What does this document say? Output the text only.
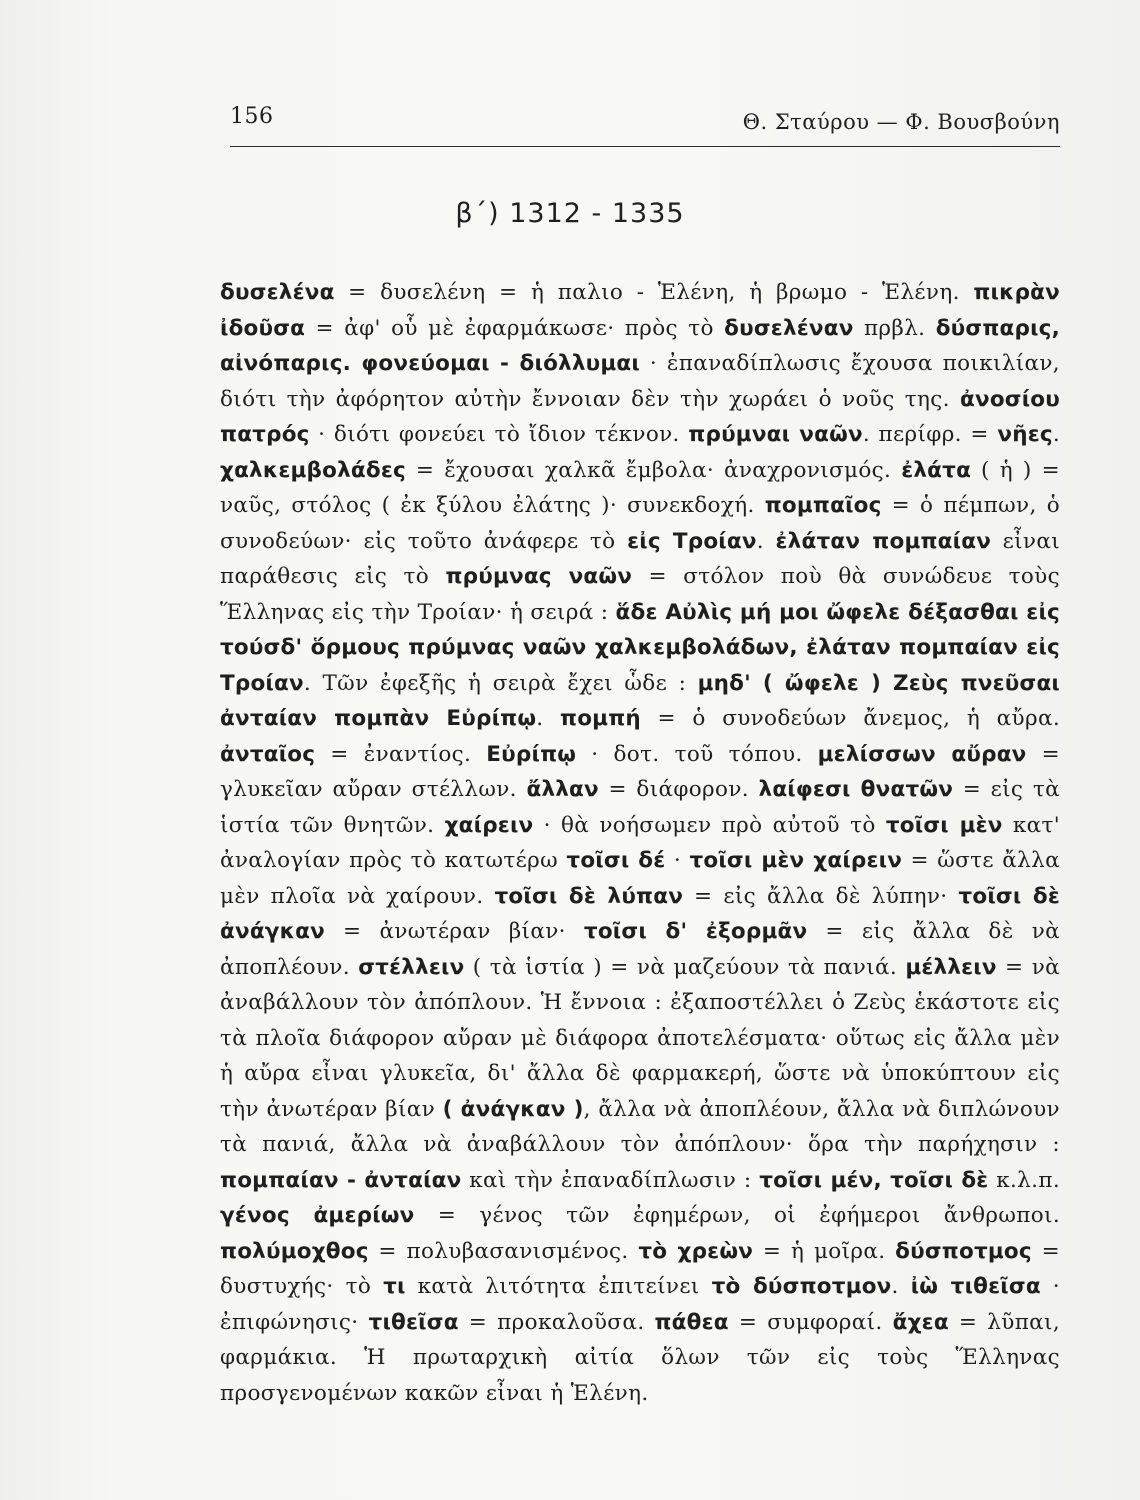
156	Θ. Σταύρου — Φ. Βουσβούνη
β΄) 1312 - 1335
δυσελένα = δυσελένη = ἡ παλιο - Ἑλένη, ἡ βρωμο - Ἑλένη. πικρὰν ἰδοῦσα = ἀφ' οὗ μὲ ἐφαρμάκωσε· πρὸς τὸ δυσελέναν πρβλ. δύσπαρις, αἰνόπαρις. φονεύομαι - διόλλυμαι · ἐπαναδίπλωσις ἔχουσα ποικιλίαν, διότι τὴν ἀφόρητον αὐτὴν ἔννοιαν δὲν τὴν χωράει ὁ νοῦς της. ἀνοσίου πατρός · διότι φονεύει τὸ ἴδιον τέκνον. πρύμναι ναῶν. περίφρ. = νῆες. χαλκεμβολάδες = ἔχουσαι χαλκᾶ ἔμβολα· ἀναχρονισμός. ἐλάτα ( ἡ ) = ναῦς, στόλος ( ἐκ ξύλου ἐλάτης )· συνεκδοχή. πομπαῖος = ὁ πέμπων, ὁ συνοδεύων· εἰς τοῦτο ἀνάφερε τὸ εἰς Τροίαν. ἐλάταν πομπαίαν εἶναι παράθεσις εἰς τὸ πρύμνας ναῶν = στόλον ποὺ θὰ συνώδευε τοὺς Ἕλληνας εἰς τὴν Τροίαν· ἡ σειρά : ἅδε Αὐλὶς μή μοι ὤφελε δέξασθαι εἰς τούσδ' ὅρμους πρύμνας ναῶν χαλκεμβολάδων, ἐλάταν πομπαίαν εἰς Τροίαν. Τῶν ἐφεξῆς ἡ σειρὰ ἔχει ὧδε : μηδ' ( ὤφελε ) Ζεὺς πνεῦσαι ἀνταίαν πομπὰν Εὐρίπῳ. πομπή = ὁ συνοδεύων ἄνεμος, ἡ αὔρα. ἀνταῖος = ἐναντίος. Εὐρίπῳ · δοτ. τοῦ τόπου. μελίσσων αὔραν = γλυκεῖαν αὔραν στέλλων. ἄλλαν = διάφορον. λαίφεσι θνατῶν = εἰς τὰ ἱστία τῶν θνητῶν. χαίρειν · θὰ νοήσωμεν πρὸ αὐτοῦ τὸ τοῖσι μὲν κατ' ἀναλογίαν πρὸς τὸ κατωτέρω τοῖσι δέ · τοῖσι μὲν χαίρειν = ὥστε ἄλλα μὲν πλοῖα νὰ χαίρουν. τοῖσι δὲ λύπαν = εἰς ἄλλα δὲ λύπην· τοῖσι δὲ ἀνάγκαν = ἀνωτέραν βίαν· τοῖσι δ' ἐξορμᾶν = εἰς ἄλλα δὲ νὰ ἀποπλέουν. στέλλειν ( τὰ ἱστία ) = νὰ μαζεύουν τὰ πανιά. μέλλειν = νὰ ἀναβάλλουν τὸν ἀπόπλουν. Ἡ ἔννοια : ἐξαποστέλλει ὁ Ζεὺς ἑκάστοτε εἰς τὰ πλοῖα διάφορον αὔραν μὲ διάφορα ἀποτελέσματα· οὕτως εἰς ἄλλα μὲν ἡ αὔρα εἶναι γλυκεῖα, δι' ἄλλα δὲ φαρμακερή, ὥστε νὰ ὑποκύπτουν εἰς τὴν ἀνωτέραν βίαν ( ἀνάγκαν ), ἄλλα νὰ ἀποπλέουν, ἄλλα νὰ διπλώνουν τὰ πανιά, ἄλλα νὰ ἀναβάλλουν τὸν ἀπόπλουν· ὅρα τὴν παρήχησιν : πομπαίαν - ἀνταίαν καὶ τὴν ἐπαναδίπλωσιν : τοῖσι μέν, τοῖσι δὲ κ.λ.π. γένος ἀμερίων = γένος τῶν ἐφημέρων, οἱ ἐφήμεροι ἄνθρωποι. πολύμοχθος = πολυβασανισμένος. τὸ χρεὼν = ἡ μοῖρα. δύσποτμος = δυστυχής· τὸ τι κατὰ λιτότητα ἐπιτείνει τὸ δύσποτμον. ἰὼ τιθεῖσα · ἐπιφώνησις· τιθεῖσα = προκαλοῦσα. πάθεα = συμφοραί. ἄχεα = λῦπαι, φαρμάκια. Ἡ πρωταρχικὴ αἰτία ὅλων τῶν εἰς τοὺς Ἕλληνας προσγενομένων κακῶν εἶναι ἡ Ἑλένη.
